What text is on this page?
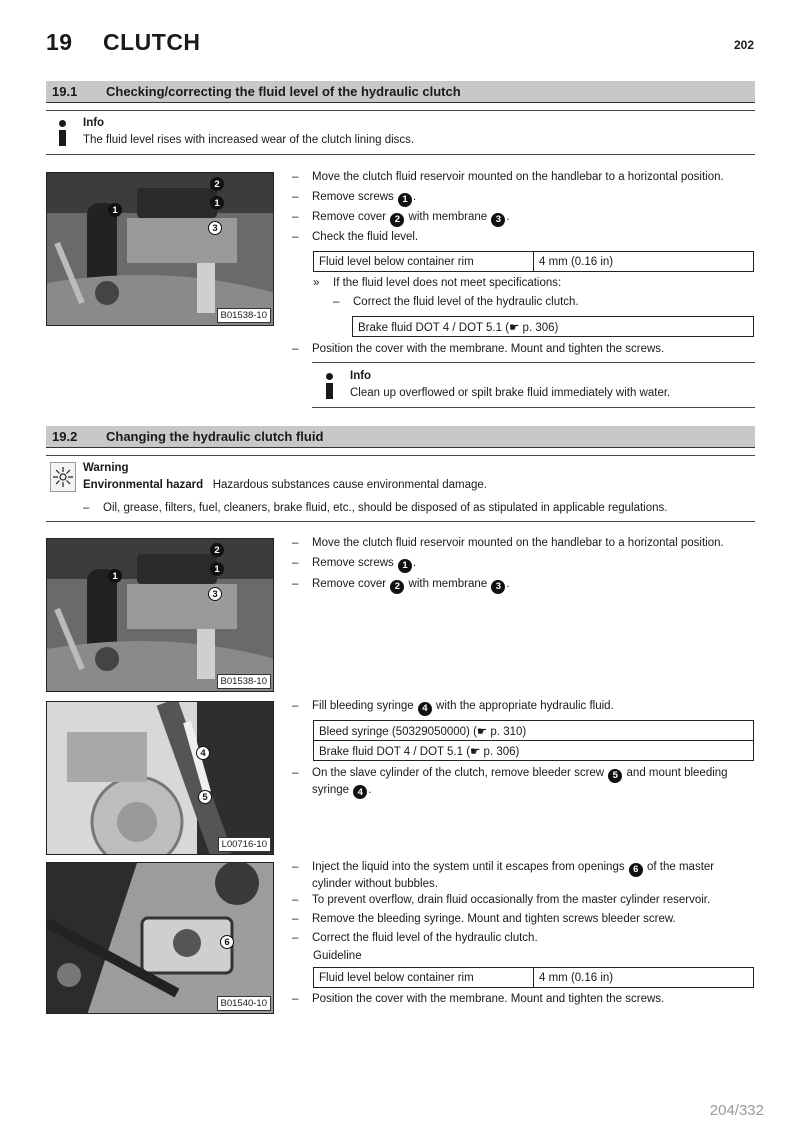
19 CLUTCH	202
19.1	Checking/correcting the fluid level of the hydraulic clutch
Info
The fluid level rises with increased wear of the clutch lining discs.
2
1
1
3
B01538-10
–	Move the clutch fluid reservoir mounted on the handlebar to a horizontal position.
–	Remove screws 1 .
–	Remove cover 2 with membrane 3 .
–	Check the fluid level.
Fluid level below container rim	4 mm (0.16 in)
»	If the fluid level does not meet specifications:
–	Correct the fluid level of the hydraulic clutch.
Brake fluid DOT 4 / DOT 5.1 (☛ p. 306)
–	Position the cover with the membrane. Mount and tighten the screws.
Info
Clean up overflowed or spilt brake fluid immediately with water.
19.2	Changing the hydraulic clutch fluid
Warning
Environmental hazard Hazardous substances cause environmental damage.
–	Oil, grease, filters, fuel, cleaners, brake fluid, etc., should be disposed of as stipulated in applicable regulations.
2
1
1
3
B01538-10
–	Move the clutch fluid reservoir mounted on the handlebar to a horizontal position.
–	Remove screws 1 .
–	Remove cover 2 with membrane 3 .
4
5
L00716-10
–	Fill bleeding syringe 4 with the appropriate hydraulic fluid.
Bleed syringe (50329050000) (☛ p. 310)
Brake fluid DOT 4 / DOT 5.1 (☛ p. 306)
–	On the slave cylinder of the clutch, remove bleeder screw 5 and mount bleeding
syringe 4 .
6
B01540-10
–	Inject the liquid into the system until it escapes from openings 6 of the master
cylinder without bubbles.
–	To prevent overflow, drain fluid occasionally from the master cylinder reservoir.
–	Remove the bleeding syringe. Mount and tighten screws bleeder screw.
–	Correct the fluid level of the hydraulic clutch.
Guideline
Fluid level below container rim	4 mm (0.16 in)
–	Position the cover with the membrane. Mount and tighten the screws.
204/332
